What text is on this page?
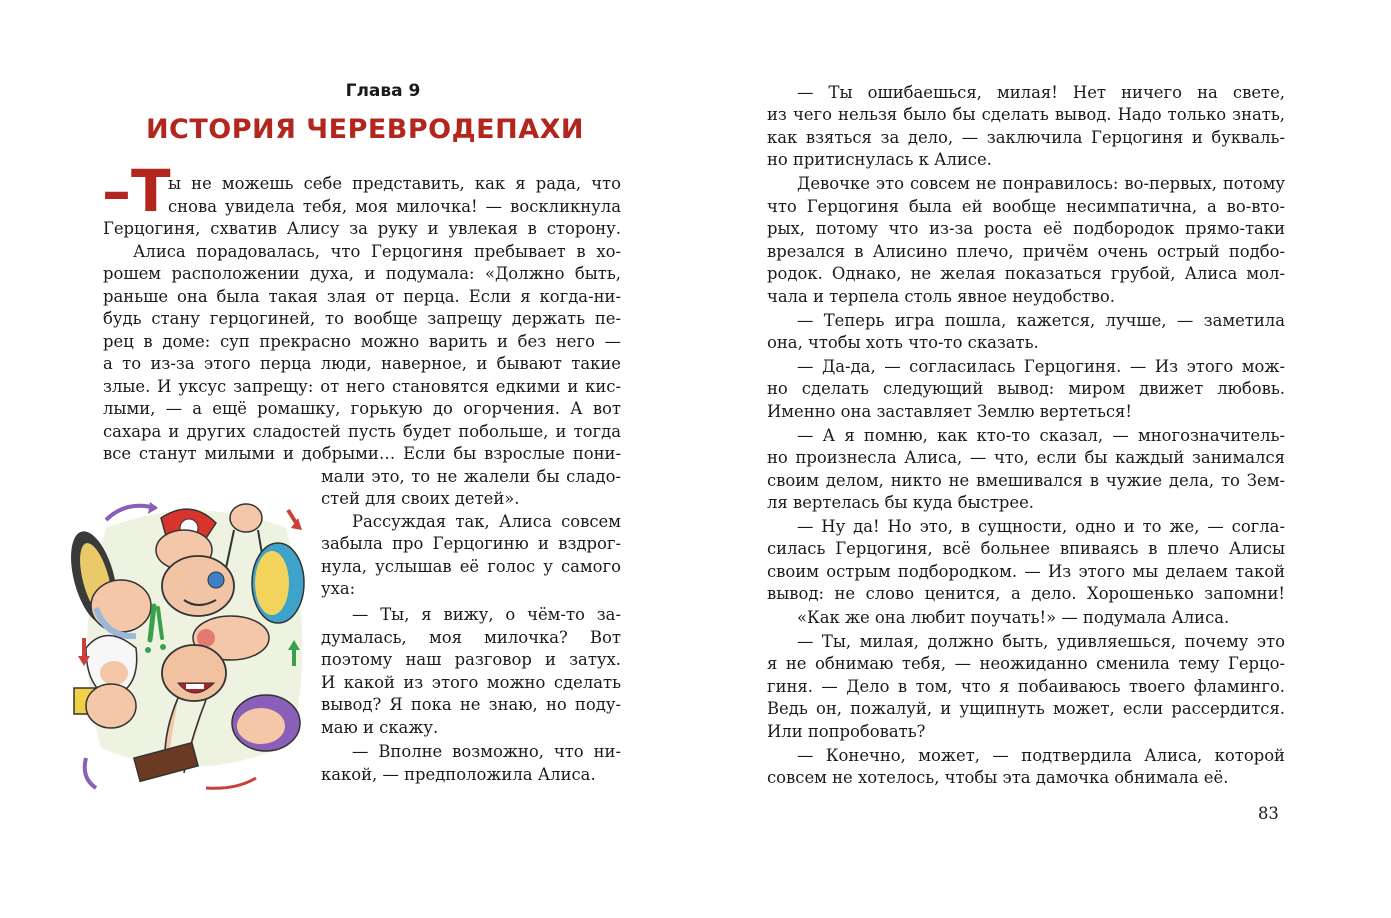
Глава 9
ИСТОРИЯ ЧЕРЕВРОДЕПАХИ
–Т
ы не можешь себе представить, как я рада, что
снова увидела тебя, моя милочка! — воскликнула
Герцогиня, схватив Алису за руку и увлекая в сторону.
Алиса порадовалась, что Герцогиня пребывает в хо-
рошем расположении духа, и подумала: «Должно быть,
раньше она была такая злая от перца. Если я когда-ни-
будь стану герцогиней, то вообще запрещу держать пе-
рец в доме: суп прекрасно можно варить и без него —
а то из-за этого перца люди, наверное, и бывают такие
злые. И уксус запрещу: от него становятся едкими и кис-
лыми, — а ещё ромашку, горькую до огорчения. А вот
сахара и других сладостей пусть будет побольше, и тогда
все станут милыми и добрыми… Если бы взрослые пони-
мали это, то не жалели бы сладо-
стей для своих детей».
Рассуждая так, Алиса совсем
забыла про Герцогиню и вздрог-
нула, услышав её голос у самого
уха:
— Ты, я вижу, о чём-то за-
думалась, моя милочка? Вот
поэтому наш разговор и затух.
И какой из этого можно сделать
вывод? Я пока не знаю, но поду-
маю и скажу.
— Вполне возможно, что ни-
какой, — предположила Алиса.
— Ты ошибаешься, милая! Нет ничего на свете,
из чего нельзя было бы сделать вывод. Надо только знать,
как взяться за дело, — заключила Герцогиня и букваль-
но притиснулась к Алисе.
Девочке это совсем не понравилось: во-первых, потому
что Герцогиня была ей вообще несимпатична, а во-вто-
рых, потому что из-за роста её подбородок прямо-таки
врезался в Алисино плечо, причём очень острый подбо-
родок. Однако, не желая показаться грубой, Алиса мол-
чала и терпела столь явное неудобство.
— Теперь игра пошла, кажется, лучше, — заметила
она, чтобы хоть что-то сказать.
— Да-да, — согласилась Герцогиня. — Из этого мож-
но сделать следующий вывод: миром движет любовь.
Именно она заставляет Землю вертеться!
— А я помню, как кто-то сказал, — многозначитель-
но произнесла Алиса, — что, если бы каждый занимался
своим делом, никто не вмешивался в чужие дела, то Зем-
ля вертелась бы куда быстрее.
— Ну да! Но это, в сущности, одно и то же, — согла-
силась Герцогиня, всё больнее впиваясь в плечо Алисы
своим острым подбородком. — Из этого мы делаем такой
вывод: не слово ценится, а дело. Хорошенько запомни!
«Как же она любит поучать!» — подумала Алиса.
— Ты, милая, должно быть, удивляешься, почему это
я не обнимаю тебя, — неожиданно сменила тему Герцо-
гиня. — Дело в том, что я побаиваюсь твоего фламинго.
Ведь он, пожалуй, и ущипнуть может, если рассердится.
Или попробовать?
— Конечно, может, — подтвердила Алиса, которой
совсем не хотелось, чтобы эта дамочка обнимала её.
83
